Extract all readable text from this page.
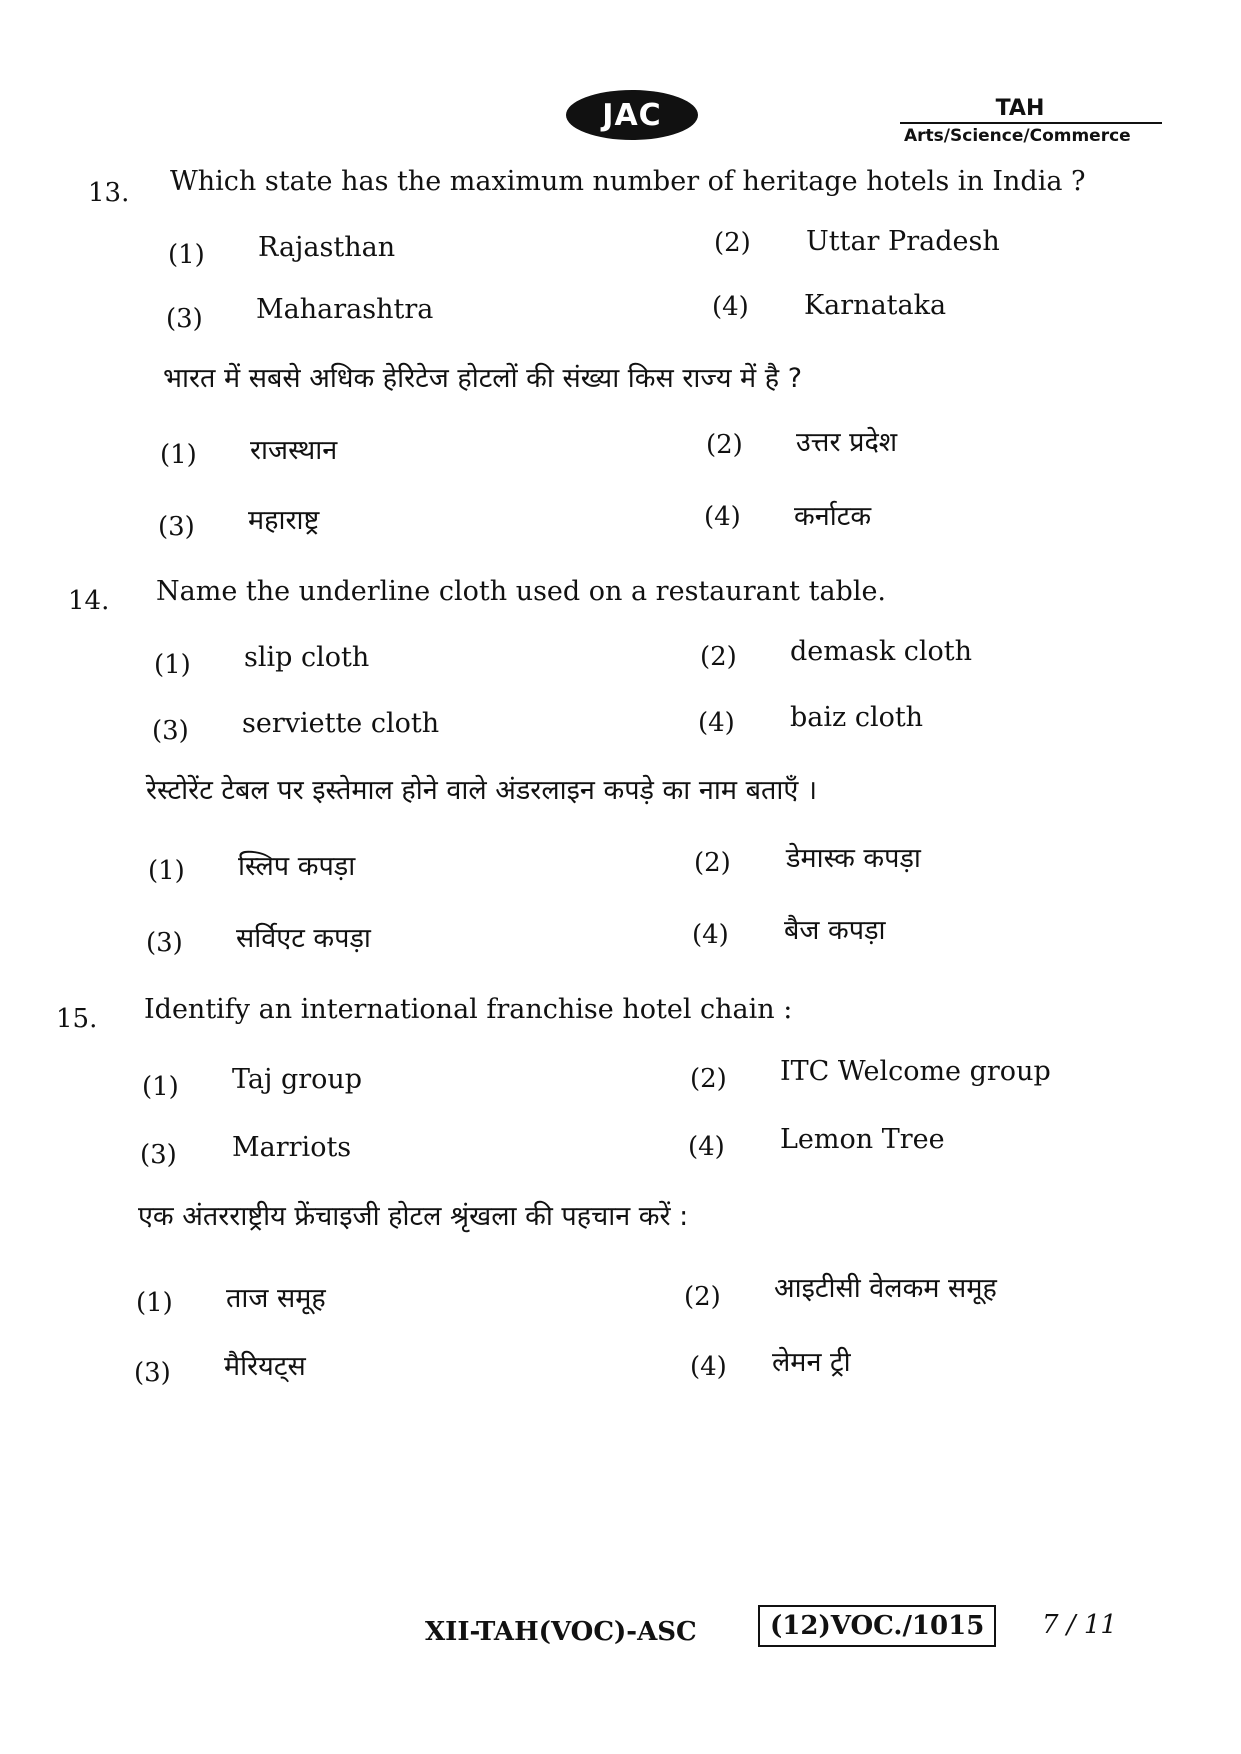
JAC	TAH
Arts/Science/Commerce
13. Which state has the maximum number of heritage hotels in India ?
(1) Rajasthan	(2) Uttar Pradesh
(3) Maharashtra	(4) Karnataka
भारत में सबसे अधिक हेरिटेज होटलों की संख्या किस राज्य में है ?
(1) राजस्थान	(2) उत्तर प्रदेश
(3) महाराष्ट्र	(4) कर्नाटक
14. Name the underline cloth used on a restaurant table.
(1) slip cloth	(2) demask cloth
(3) serviette cloth	(4) baiz cloth
रेस्टोरेंट टेबल पर इस्तेमाल होने वाले अंडरलाइन कपड़े का नाम बताएँ ।
(1) स्लिप कपड़ा	(2) डेमास्क कपड़ा
(3) सर्विएट कपड़ा	(4) बैज कपड़ा
15. Identify an international franchise hotel chain :
(1) Taj group	(2) ITC Welcome group
(3) Marriots	(4) Lemon Tree
एक अंतरराष्ट्रीय फ्रेंचाइजी होटल श्रृंखला की पहचान करें :
(1) ताज समूह	(2) आइटीसी वेलकम समूह
(3) मैरियट्स	(4) लेमन ट्री
XII-TAH(VOC)-ASC	(12)VOC./1015	7 / 11
